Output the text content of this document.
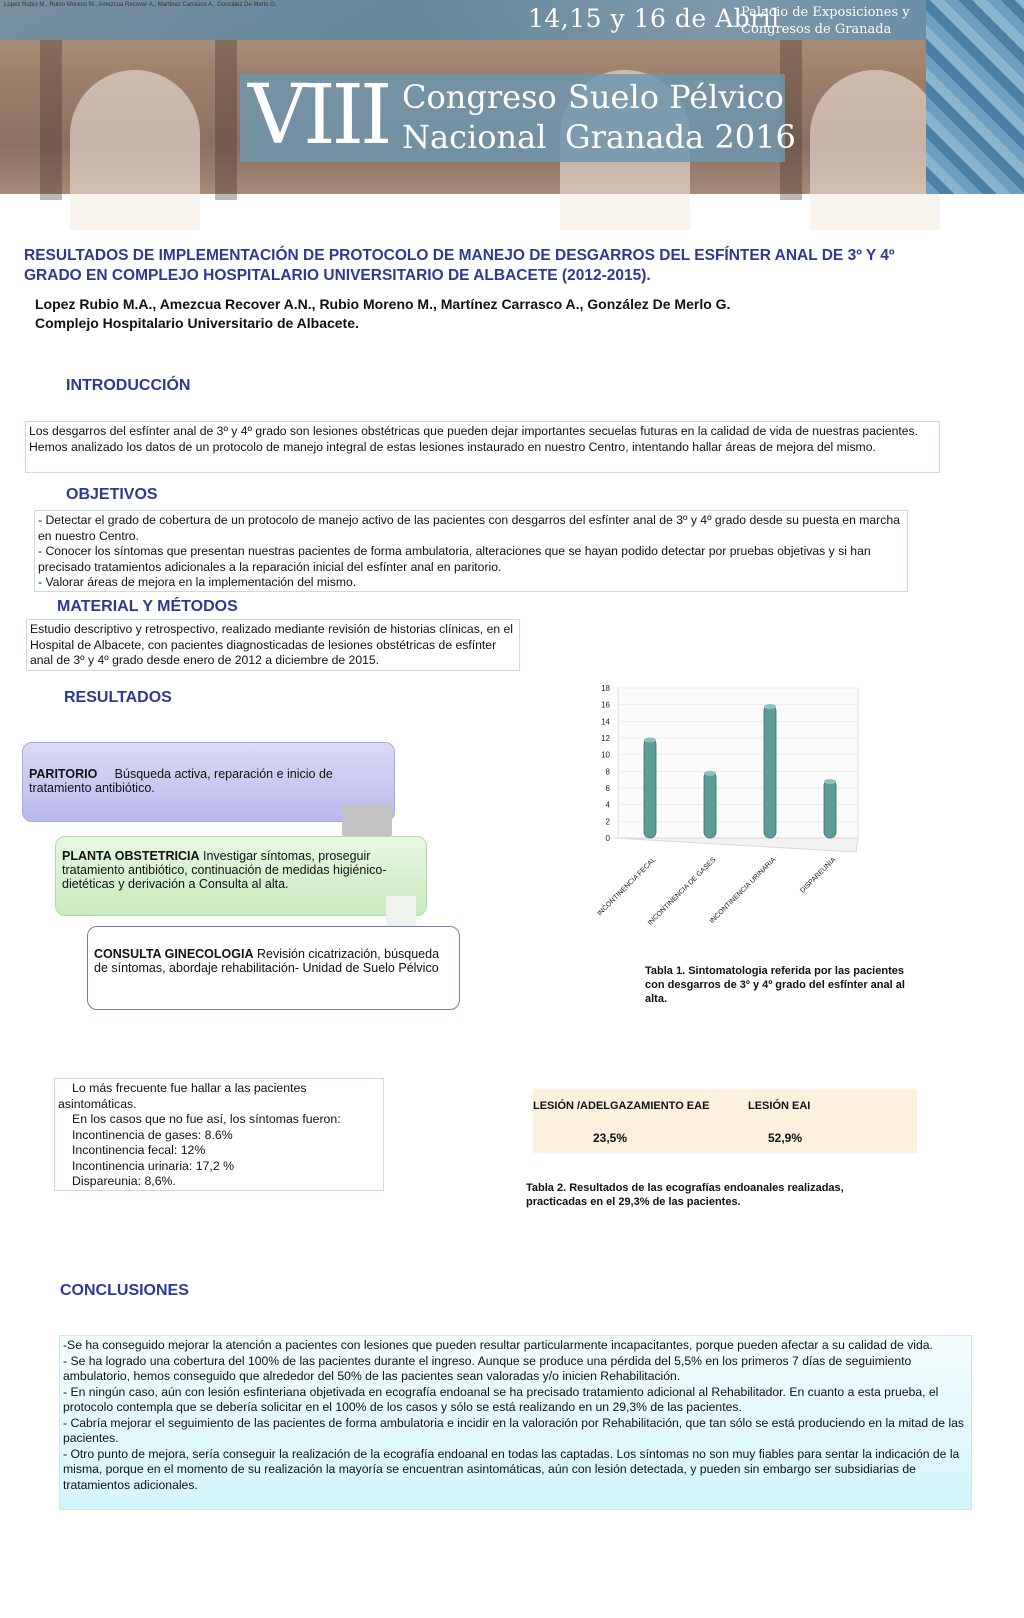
Lopez Rubio M., Rubio Moreno M., Amezcua Recover A., Martinez Carrasco A., González De Merlo G.	14,15 y 16 de Abril
Palacio de Exposiciones y
Congresos de Granada
VIII Congreso
Nacional
Suelo Pélvico
Granada 2016
RESULTADOS DE IMPLEMENTACIÓN DE PROTOCOLO DE MANEJO DE DESGARROS DEL ESFÍNTER ANAL DE 3º Y 4º GRADO EN COMPLEJO HOSPITALARIO UNIVERSITARIO DE ALBACETE (2012-2015).
Lopez Rubio M.A., Amezcua Recover A.N., Rubio Moreno M., Martínez Carrasco A., González De Merlo G.
Complejo Hospitalario Universitario de Albacete.
INTRODUCCIÓN
Los desgarros del esfínter anal de 3º y 4º grado son lesiones obstétricas que pueden dejar importantes secuelas futuras en la calidad de vida de nuestras pacientes. Hemos analizado los datos de un protocolo de manejo integral de estas lesiones instaurado en nuestro Centro, intentando hallar áreas de mejora del mismo.
OBJETIVOS
- Detectar el grado de cobertura de un protocolo de manejo activo de las pacientes con desgarros del esfínter anal de 3º y 4º grado desde su puesta en marcha en nuestro Centro.
- Conocer los síntomas que presentan nuestras pacientes de forma ambulatoria, alteraciones que se hayan podido detectar por pruebas objetivas y si han precisado tratamientos adicionales a la reparación inicial del esfínter anal en paritorio.
- Valorar áreas de mejora en la implementación del mismo.
MATERIAL Y MÉTODOS
Estudio descriptivo y retrospectivo, realizado mediante revisión de historias clínicas, en el Hospital de Albacete, con pacientes diagnosticadas de lesiones obstétricas de esfínter anal de 3º y 4º grado desde enero de 2012 a diciembre de 2015.
RESULTADOS
PARITORIO Búsqueda activa, reparación e inicio de tratamiento antibiótico.
PLANTA OBSTETRICIA Investigar síntomas, proseguir tratamiento antibiótico, continuación de medidas higiénico-dietéticas y derivación a Consulta al alta.
CONSULTA GINECOLOGIA Revisión cicatrización, búsqueda de síntomas, abordaje rehabilitación- Unidad de Suelo Pélvico
0
2
4
6
8
10
12
14
16
18
INCONTINENCIA FECAL
INCONTINENCIA DE GASES
INCONTINENCIA URINARIA	DISPAREUNIA
Tabla 1. Sintomatologia referida por las pacientes con desgarros de 3º y 4º grado del esfínter anal al alta.
Lo más frecuente fue hallar a las pacientes
asintomáticas.
En los casos que no fue así, los síntomas fueron:
Incontinencia de gases: 8.6%
Incontinencia fecal: 12%
Incontinencia urinaria: 17,2 %
Dispareunia: 8,6%.
LESIÓN /ADELGAZAMIENTO EAE	LESIÓN EAI
23,5%	52,9%
Tabla 2. Resultados de las ecografías endoanales realizadas, practicadas en el 29,3% de las pacientes.
CONCLUSIONES
-Se ha conseguido mejorar la atención a pacientes con lesiones que pueden resultar particularmente incapacitantes, porque pueden afectar a su calidad de vida.
- Se ha logrado una cobertura del 100% de las pacientes durante el ingreso. Aunque se produce una pérdida del 5,5% en los primeros 7 días de seguimiento ambulatorio, hemos conseguido que alrededor del 50% de las pacientes sean valoradas y/o inicien Rehabilitación.
- En ningún caso, aún con lesión esfinteriana objetivada en ecografía endoanal se ha precisado tratamiento adicional al Rehabilitador. En cuanto a esta prueba, el protocolo contempla que se debería solicitar en el 100% de los casos y sólo se está realizando en un 29,3% de las pacientes.
- Cabría mejorar el seguimiento de las pacientes de forma ambulatoria e incidir en la valoración por Rehabilitación, que tan sólo se está produciendo en la mitad de las pacientes.
- Otro punto de mejora, sería conseguir la realización de la ecografía endoanal en todas las captadas. Los síntomas no son muy fiables para sentar la indicación de la misma, porque en el momento de su realización la mayoría se encuentran asintomáticas, aún con lesión detectada, y pueden sin embargo ser subsidiarias de tratamientos adicionales.
